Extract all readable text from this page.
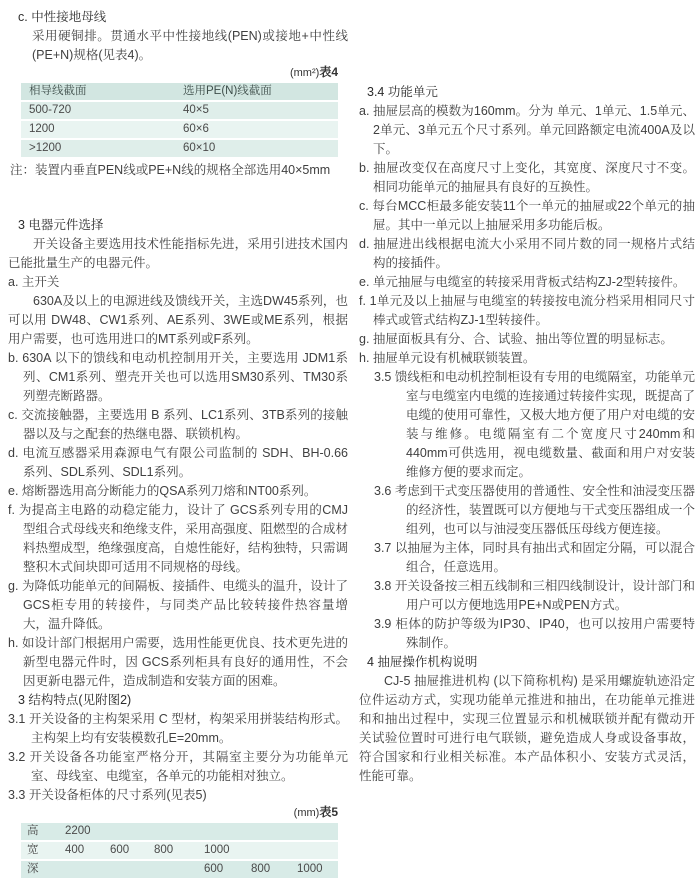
c. 中性接地母线

采用硬铜排。贯通水平中性接地线(PEN)或接地+中性线(PE+N)规格(见表4)。

(mm²)表4
相导线截面	选用PE(N)线截面
500-720	40×5
1200	60×6
>1200	60×10

注：装置内垂直PEN线或PE+N线的规格全部选用40×5mm

3 电器元件选择

开关设备主要选用技术性能指标先进，采用引进技术国内已能批量生产的电器元件。

a. 主开关

630A及以上的电源进线及馈线开关，主选DW45系列，也可以用 DW48、CW1系列、AE系列、3WE或ME系列，根据用户需要，也可选用进口的MT系列或F系列。

b. 630A 以下的馈线和电动机控制用开关，主要选用 JDM1系列、CM1系列、塑壳开关也可以选用SM30系列、TM30系列塑壳断路器。

c. 交流接触器，主要选用 B 系列、LC1系列、3TB系列的接触器以及与之配套的热继电器、联锁机构。

d. 电流互感器采用森源电气有限公司监制的 SDH、BH-0.66 系列、SDL系列、SDL1系列。

e. 熔断器选用高分断能力的QSA系列刀熔和NT00系列。

f. 为提高主电路的动稳定能力，设计了 GCS系列专用的CMJ型组合式母线夹和绝缘支件，采用高强度、阻燃型的合成材料热塑成型，绝缘强度高，自熄性能好，结构独特，只需调整积木式间块即可适用不同规格的母线。

g. 为降低功能单元的间隔板、接插件、电缆头的温升，设计了GCS柜专用的转接件，与同类产品比较转接件热容量增大，温升降低。

h. 如设计部门根据用户需要，选用性能更优良、技术更先进的新型电器元件时，因 GCS系列柜具有良好的通用性，不会因更新电器元件，造成制造和安装方面的困难。

3 结构特点(见附图2)

3.1 开关设备的主构架采用 C 型材，构架采用拼装结构形式。主构架上均有安装模数孔E=20mm。

3.2 开关设备各功能室严格分开，其隔室主要分为功能单元室、母线室、电缆室，各单元的功能相对独立。

3.3 开关设备柜体的尺寸系列(见表5)

(mm)表5
高	2200					
宽	400	600	800	1000		
深				600	800	1000

3.4 功能单元

a. 抽屉层高的模数为160mm。分为 单元、1单元、1.5单元、2单元、3单元五个尺寸系列。单元回路额定电流400A及以下。

b. 抽屉改变仅在高度尺寸上变化，其宽度、深度尺寸不变。相同功能单元的抽屉具有良好的互换性。

c. 每台MCC柜最多能安装11个一单元的抽屉或22个单元的抽屉。其中一单元以上抽屉采用多功能后板。

d. 抽屉进出线根据电流大小采用不同片数的同一规格片式结构的接插件。

e. 单元抽屉与电缆室的转接采用背板式结构ZJ-2型转接件。

f. 1单元及以上抽屉与电缆室的转接按电流分档采用相同尺寸棒式或管式结构ZJ-1型转接件。

g. 抽屉面板具有分、合、试验、抽出等位置的明显标志。

h. 抽屉单元设有机械联锁装置。

3.5 馈线柜和电动机控制柜设有专用的电缆隔室，功能单元室与电缆室内电缆的连接通过转接件实现，既提高了电缆的使用可靠性，又极大地方便了用户对电缆的安装与维修。电缆隔室有二个宽度尺寸240mm和440mm可供选用，视电缆数量、截面和用户对安装维修方便的要求而定。

3.6 考虑到干式变压器使用的普通性、安全性和油浸变压器的经济性，装置既可以方便地与干式变压器组成一个组列，也可以与油浸变压器低压母线方便连接。

3.7 以抽屉为主体，同时具有抽出式和固定分隔，可以混合组合，任意选用。

3.8 开关设备按三相五线制和三相四线制设计，设计部门和用户可以方便地选用PE+N或PEN方式。

3.9 柜体的防护等级为IP30、IP40，也可以按用户需要特殊制作。

4 抽屉操作机构说明

CJ-5 抽屉推进机构 (以下简称机构) 是采用螺旋轨迹沿定位件运动方式，实现功能单元推进和抽出，在功能单元推进和和抽出过程中，实现三位置显示和机械联锁并配有微动开关试验位置时可进行电气联锁，避免造成人身或设备事故，符合国家和行业相关标准。本产品体积小、安装方式灵活，性能可靠。
